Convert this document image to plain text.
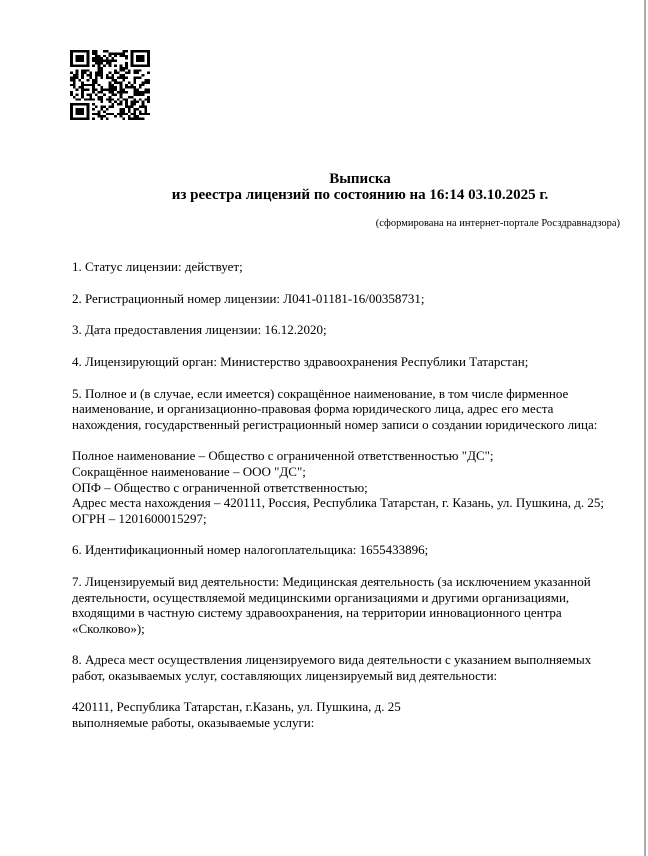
Выписка
из реестра лицензий по состоянию на 16:14 03.10.2025 г.
(сформирована на интернет-портале Росздравнадзора)
1. Статус лицензии: действует;
2. Регистрационный номер лицензии: Л041-01181-16/00358731;
3. Дата предоставления лицензии: 16.12.2020;
4. Лицензирующий орган: Министерство здравоохранения Республики Татарстан;
5. Полное и (в случае, если имеется) сокращённое наименование, в том числе фирменное
наименование, и организационно-правовая форма юридического лица, адрес его места
нахождения, государственный регистрационный номер записи о создании юридического лица:
Полное наименование – Общество с ограниченной ответственностью "ДС";
Сокращённое наименование – ООО "ДС";
ОПФ – Общество с ограниченной ответственностью;
Адрес места нахождения – 420111, Россия, Республика Татарстан, г. Казань, ул. Пушкина, д. 25;
ОГРН – 1201600015297;
6. Идентификационный номер налогоплательщика: 1655433896;
7. Лицензируемый вид деятельности: Медицинская деятельность (за исключением указанной
деятельности, осуществляемой медицинскими организациями и другими организациями,
входящими в частную систему здравоохранения, на территории инновационного центра
«Сколково»);
8. Адреса мест осуществления лицензируемого вида деятельности с указанием выполняемых
работ, оказываемых услуг, составляющих лицензируемый вид деятельности:
420111, Республика Татарстан, г.Казань, ул. Пушкина, д. 25
выполняемые работы, оказываемые услуги:
